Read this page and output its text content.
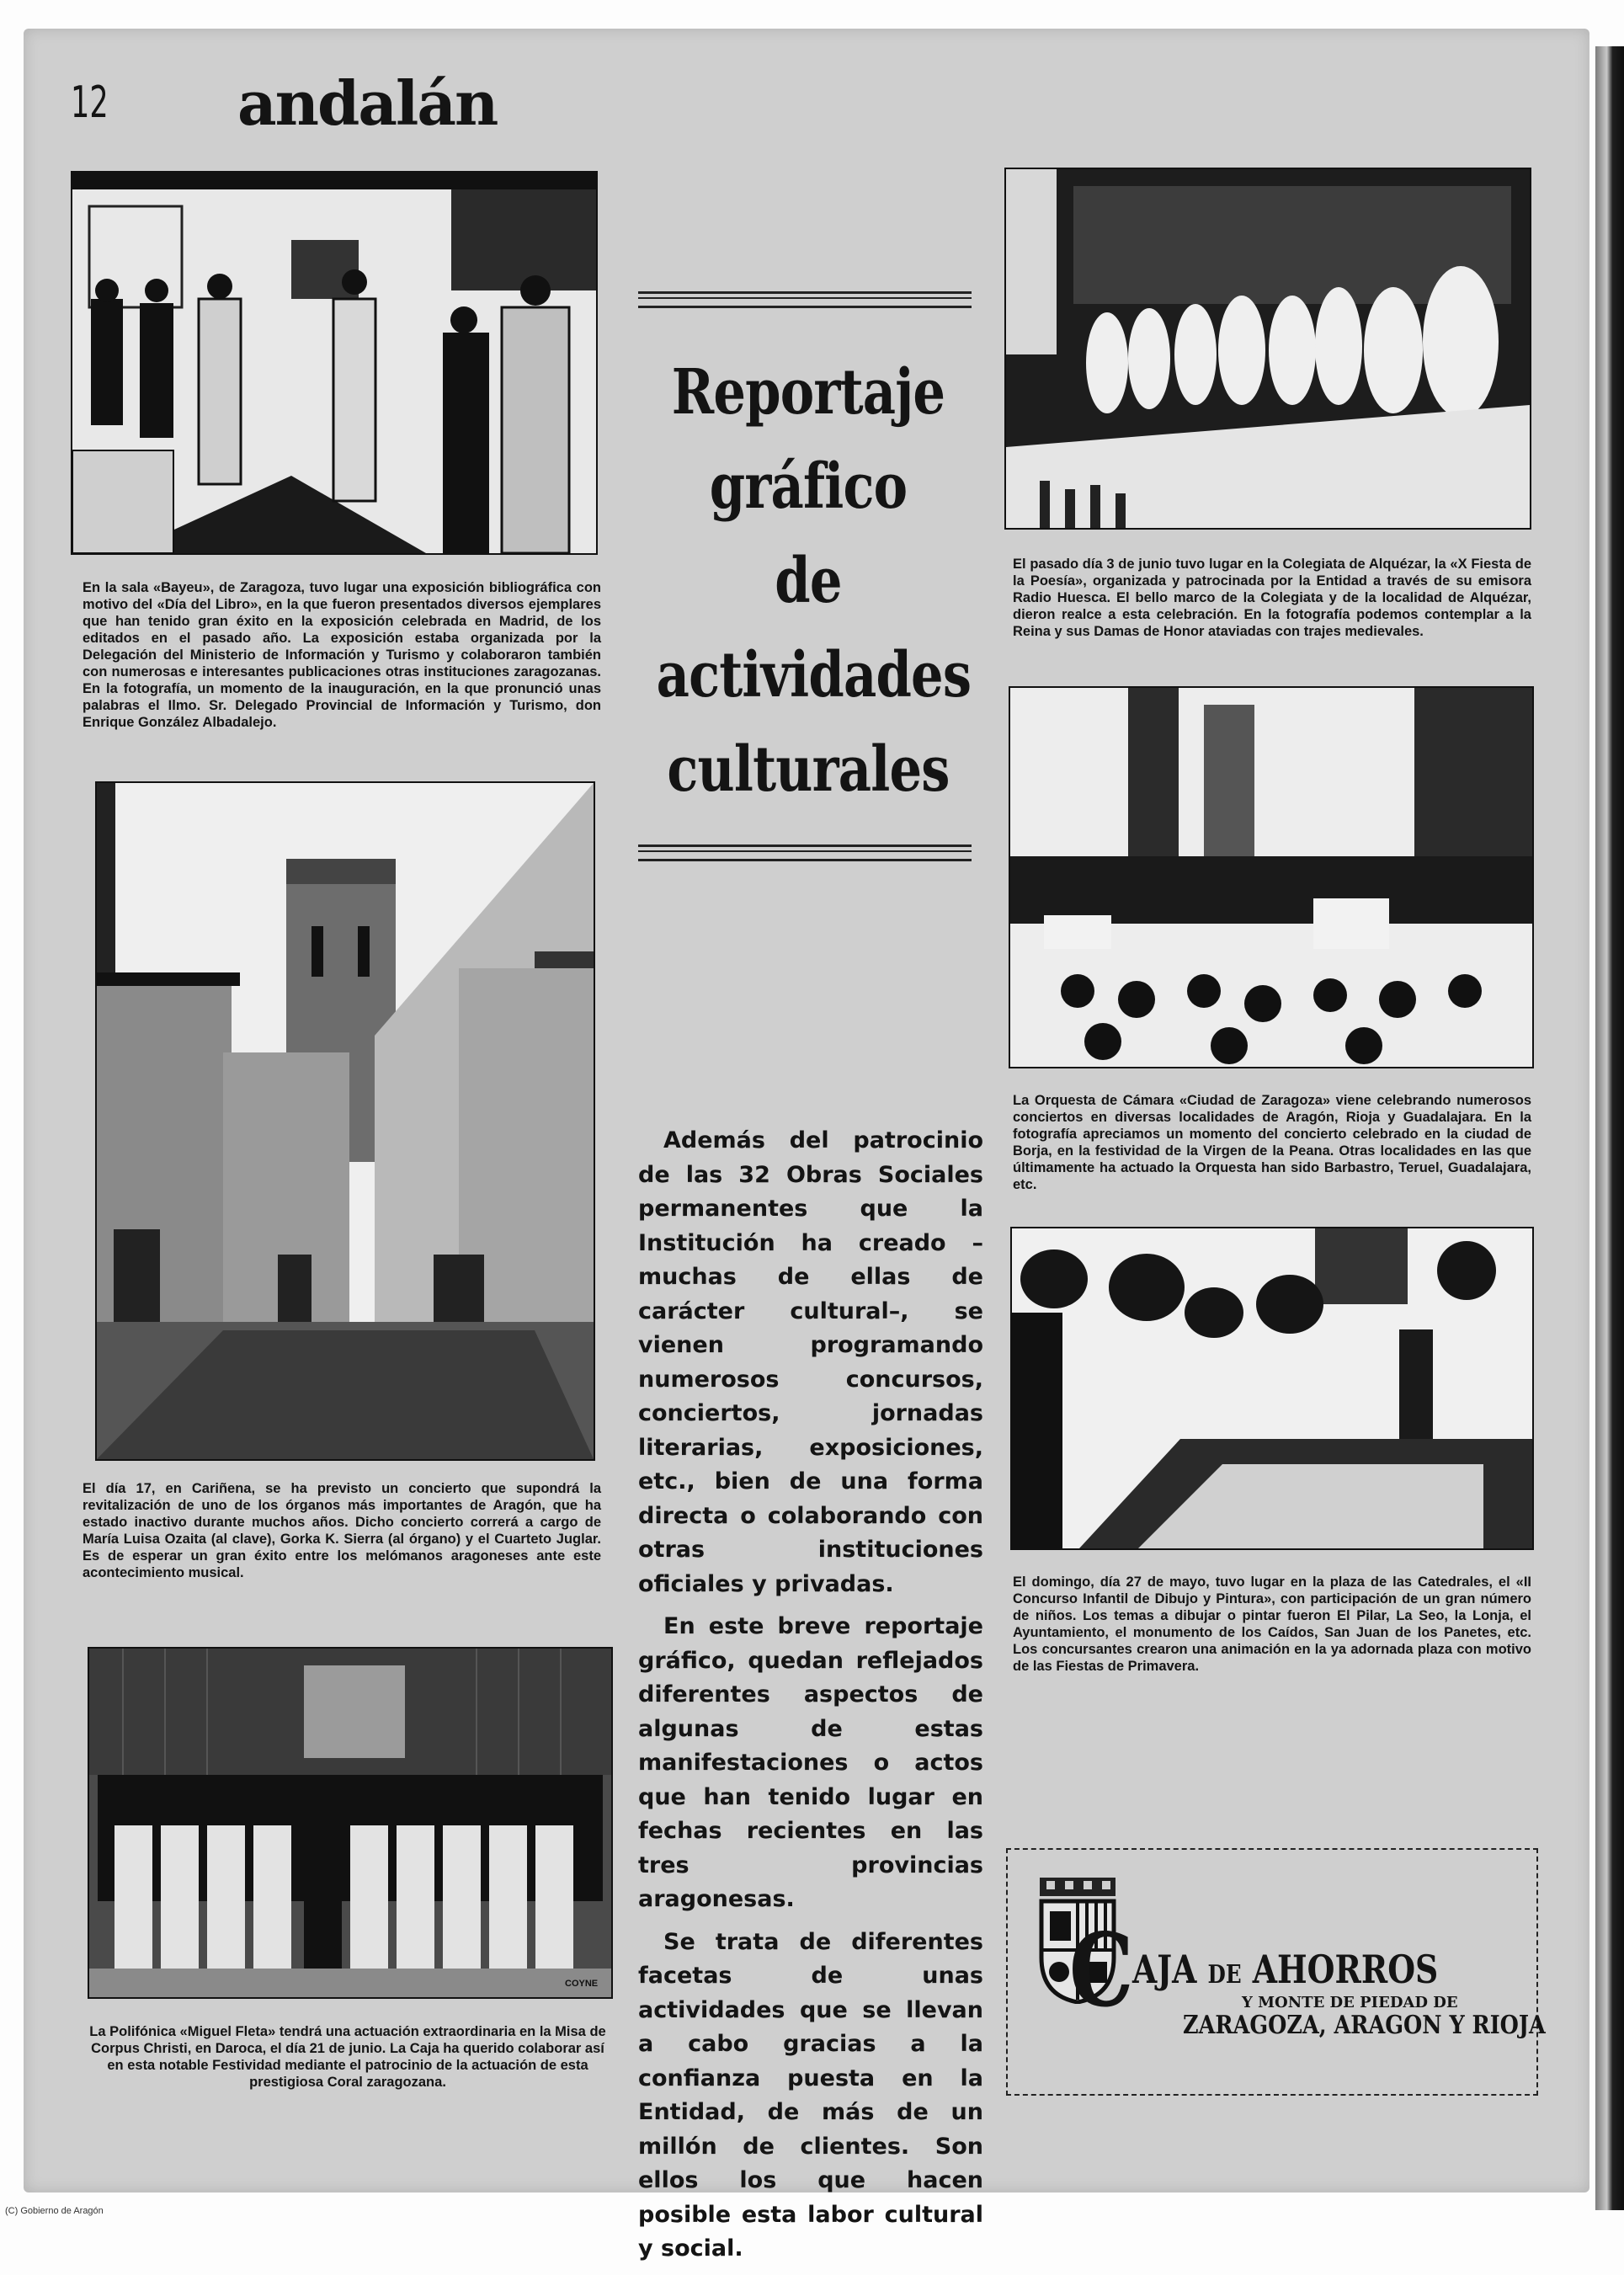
12 andalán
En la sala «Bayeu», de Zaragoza, tuvo lugar una exposición bibliográfica con motivo del «Día del Libro», en la que fueron presentados diversos ejemplares que han tenido gran éxito en la exposición celebrada en Madrid, de los editados en el pasado año. La exposición estaba organizada por la Delegación del Ministerio de Información y Turismo y colaboraron también con numerosas e interesantes publicaciones otras instituciones zaragozanas. En la fotografía, un momento de la inauguración, en la que pronunció unas palabras el Ilmo. Sr. Delegado Provincial de Información y Turismo, don Enrique González Albadalejo.
El día 17, en Cariñena, se ha previsto un concierto que supondrá la revitalización de uno de los órganos más importantes de Aragón, que ha estado inactivo durante muchos años. Dicho concierto correrá a cargo de María Luisa Ozaita (al clave), Gorka K. Sierra (al órgano) y el Cuarteto Juglar. Es de esperar un gran éxito entre los melómanos aragoneses ante este acontecimiento musical.
COYNE
La Polifónica «Miguel Fleta» tendrá una actuación extraordinaria en la Misa de Corpus Christi, en Daroca, el día 21 de junio. La Caja ha querido colaborar así en esta notable Festividad mediante el patrocinio de la actuación de esta prestigiosa Coral zaragozana.
Reportaje
gráfico
de
actividades
culturales

Además del patrocinio de las 32 Obras Sociales permanentes que la Institución ha creado –muchas de ellas de carácter cultural–, se vienen programando numerosos concursos, conciertos, jornadas literarias, exposiciones, etc., bien de una forma directa o colaborando con otras instituciones oficiales y privadas.

En este breve reportaje gráfico, quedan reflejados diferentes aspectos de algunas de estas manifestaciones o actos que han tenido lugar en fechas recientes en las tres provincias aragonesas.

Se trata de diferentes facetas de unas actividades que se llevan a cabo gracias a la confianza puesta en la Entidad, de más de un millón de clientes. Son ellos los que hacen posible esta labor cultural y social.

El pasado día 3 de junio tuvo lugar en la Colegiata de Alquézar, la «X Fiesta de la Poesía», organizada y patrocinada por la Entidad a través de su emisora Radio Huesca. El bello marco de la Colegiata y de la localidad de Alquézar, dieron realce a esta celebración. En la fotografía podemos contemplar a la Reina y sus Damas de Honor ataviadas con trajes medievales.
La Orquesta de Cámara «Ciudad de Zaragoza» viene celebrando numerosos conciertos en diversas localidades de Aragón, Rioja y Guadalajara. En la fotografía apreciamos un momento del concierto celebrado en la ciudad de Borja, en la festividad de la Virgen de la Peana. Otras localidades en las que últimamente ha actuado la Orquesta han sido Barbastro, Teruel, Guadalajara, etc.
El domingo, día 27 de mayo, tuvo lugar en la plaza de las Catedrales, el «II Concurso Infantil de Dibujo y Pintura», con participación de un gran número de niños. Los temas a dibujar o pintar fueron El Pilar, La Seo, la Lonja, el Ayuntamiento, el monumento de los Caídos, San Juan de los Panetes, etc. Los concursantes crearon una animación en la ya adornada plaza con motivo de las Fiestas de Primavera.
C
AJA DE AHORROS
Y MONTE DE PIEDAD DE
ZARAGOZA, ARAGON Y RIOJA
(C) Gobierno de Aragón
